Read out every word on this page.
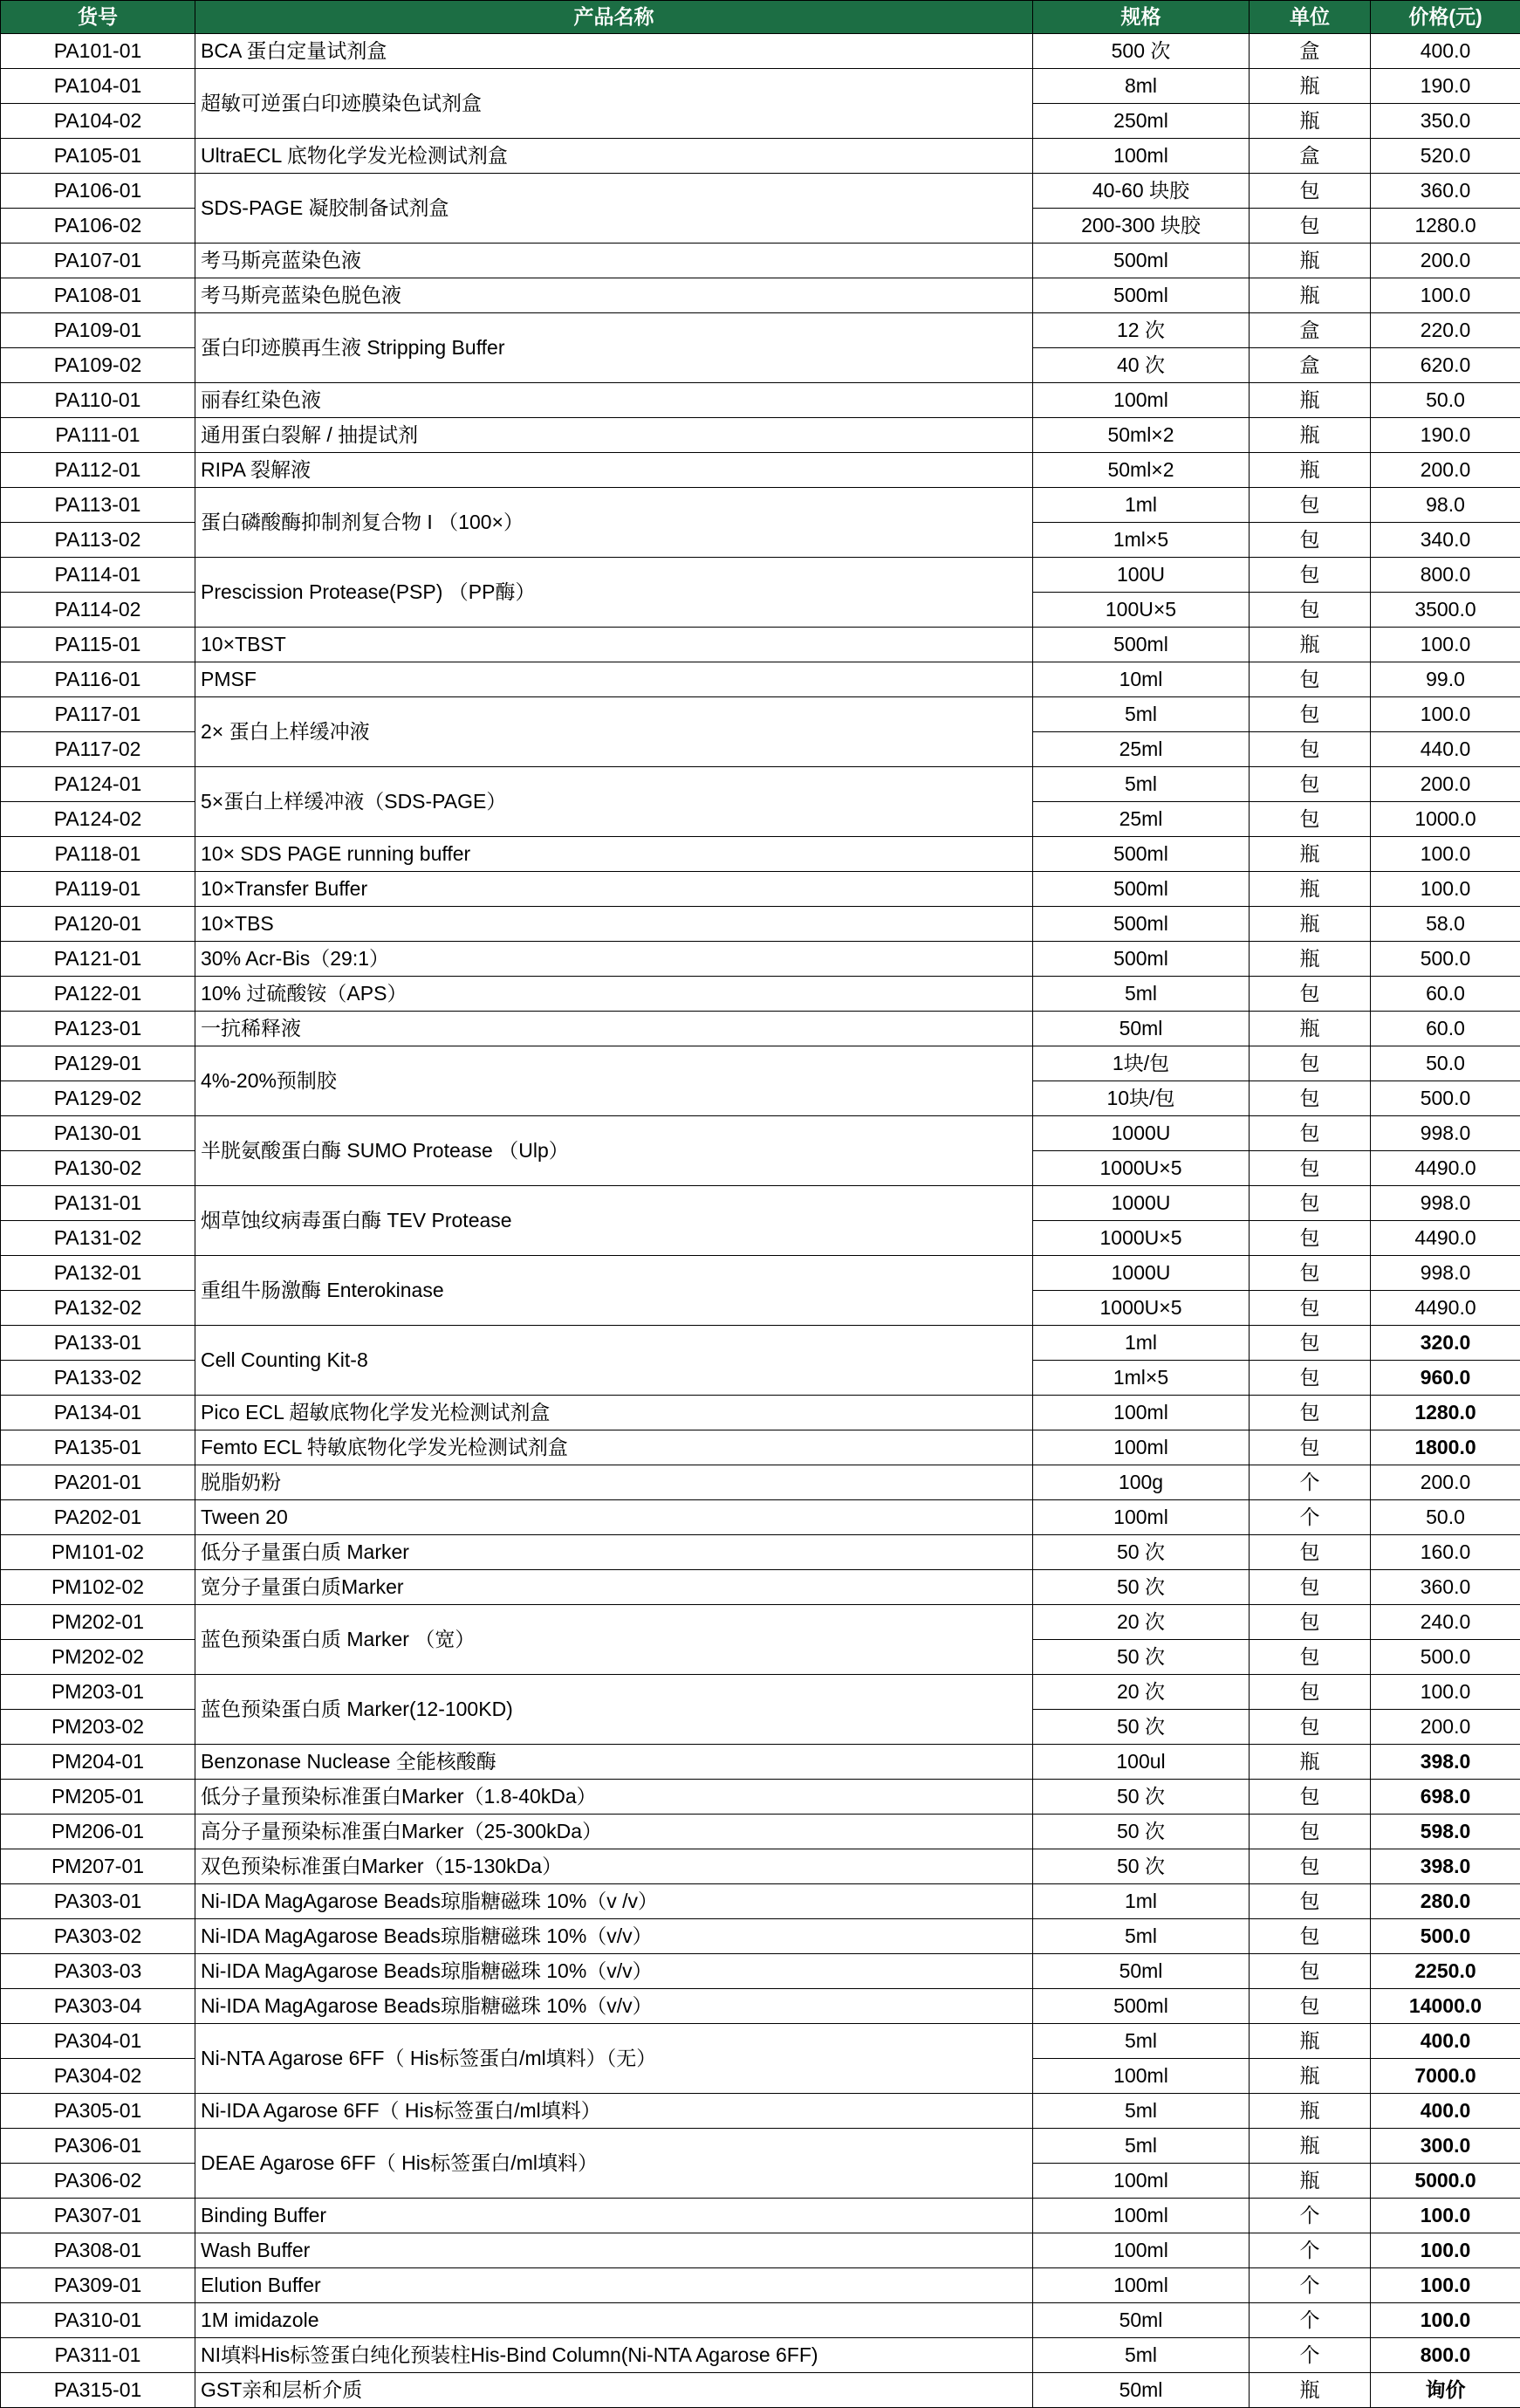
货号	产品名称	规格	单位	价格(元)
PA101-01	BCA 蛋白定量试剂盒	500 次	盒	400.0
PA104-01	超敏可逆蛋白印迹膜染色试剂盒	8ml	瓶	190.0
PA104-02		250ml	瓶	350.0
PA105-01	UltraECL 底物化学发光检测试剂盒	100ml	盒	520.0
PA106-01	SDS-PAGE 凝胶制备试剂盒	40-60 块胶	包	360.0
PA106-02		200-300 块胶	包	1280.0
PA107-01	考马斯亮蓝染色液	500ml	瓶	200.0
PA108-01	考马斯亮蓝染色脱色液	500ml	瓶	100.0
PA109-01	蛋白印迹膜再生液 Stripping Buffer	12 次	盒	220.0
PA109-02		40 次	盒	620.0
PA110-01	丽春红染色液	100ml	瓶	50.0
PA111-01	通用蛋白裂解 / 抽提试剂	50ml×2	瓶	190.0
PA112-01	RIPA 裂解液	50ml×2	瓶	200.0
PA113-01	蛋白磷酸酶抑制剂复合物 I （100×）	1ml	包	98.0
PA113-02		1ml×5	包	340.0
PA114-01	Prescission Protease(PSP) （PP酶）	100U	包	800.0
PA114-02		100U×5	包	3500.0
PA115-01	10×TBST	500ml	瓶	100.0
PA116-01	PMSF	10ml	包	99.0
PA117-01	2× 蛋白上样缓冲液	5ml	包	100.0
PA117-02		25ml	包	440.0
PA124-01	5×蛋白上样缓冲液（SDS-PAGE）	5ml	包	200.0
PA124-02		25ml	包	1000.0
PA118-01	10× SDS PAGE running buffer	500ml	瓶	100.0
PA119-01	10×Transfer Buffer	500ml	瓶	100.0
PA120-01	10×TBS	500ml	瓶	58.0
PA121-01	30% Acr-Bis（29:1）	500ml	瓶	500.0
PA122-01	10% 过硫酸铵（APS）	5ml	包	60.0
PA123-01	一抗稀释液	50ml	瓶	60.0
PA129-01	4%-20%预制胶	1块/包	包	50.0
PA129-02		10块/包	包	500.0
PA130-01	半胱氨酸蛋白酶 SUMO Protease （Ulp）	1000U	包	998.0
PA130-02		1000U×5	包	4490.0
PA131-01	烟草蚀纹病毒蛋白酶 TEV Protease	1000U	包	998.0
PA131-02		1000U×5	包	4490.0
PA132-01	重组牛肠激酶 Enterokinase	1000U	包	998.0
PA132-02		1000U×5	包	4490.0
PA133-01	Cell Counting Kit-8	1ml	包	320.0
PA133-02		1ml×5	包	960.0
PA134-01	Pico ECL 超敏底物化学发光检测试剂盒	100ml	包	1280.0
PA135-01	Femto ECL 特敏底物化学发光检测试剂盒	100ml	包	1800.0
PA201-01	脱脂奶粉	100g	个	200.0
PA202-01	Tween 20	100ml	个	50.0
PM101-02	低分子量蛋白质 Marker	50 次	包	160.0
PM102-02	宽分子量蛋白质Marker	50 次	包	360.0
PM202-01	蓝色预染蛋白质 Marker （宽）	20 次	包	240.0
PM202-02		50 次	包	500.0
PM203-01	蓝色预染蛋白质 Marker(12-100KD)	20 次	包	100.0
PM203-02		50 次	包	200.0
PM204-01	Benzonase Nuclease 全能核酸酶	100ul	瓶	398.0
PM205-01	低分子量预染标准蛋白Marker（1.8-40kDa）	50 次	包	698.0
PM206-01	高分子量预染标准蛋白Marker（25-300kDa）	50 次	包	598.0
PM207-01	双色预染标准蛋白Marker（15-130kDa）	50 次	包	398.0
PA303-01	Ni-IDA MagAgarose Beads琼脂糖磁珠 10%（v /v）	1ml	包	280.0
PA303-02	Ni-IDA MagAgarose Beads琼脂糖磁珠 10%（v/v）	5ml	包	500.0
PA303-03	Ni-IDA MagAgarose Beads琼脂糖磁珠 10%（v/v）	50ml	包	2250.0
PA303-04	Ni-IDA MagAgarose Beads琼脂糖磁珠 10%（v/v）	500ml	包	14000.0
PA304-01	Ni-NTA Agarose 6FF（ His标签蛋白/ml填料）（无）	5ml	瓶	400.0
PA304-02		100ml	瓶	7000.0
PA305-01	Ni-IDA Agarose 6FF（ His标签蛋白/ml填料）	5ml	瓶	400.0
PA306-01	DEAE Agarose 6FF（ His标签蛋白/ml填料）	5ml	瓶	300.0
PA306-02		100ml	瓶	5000.0
PA307-01	Binding Buffer	100ml	个	100.0
PA308-01	Wash Buffer	100ml	个	100.0
PA309-01	Elution Buffer	100ml	个	100.0
PA310-01	1M imidazole	50ml	个	100.0
PA311-01	NI填料His标签蛋白纯化预装柱His-Bind Column(Ni-NTA Agarose 6FF)	5ml	个	800.0
PA315-01	GST亲和层析介质	50ml	瓶	询价
